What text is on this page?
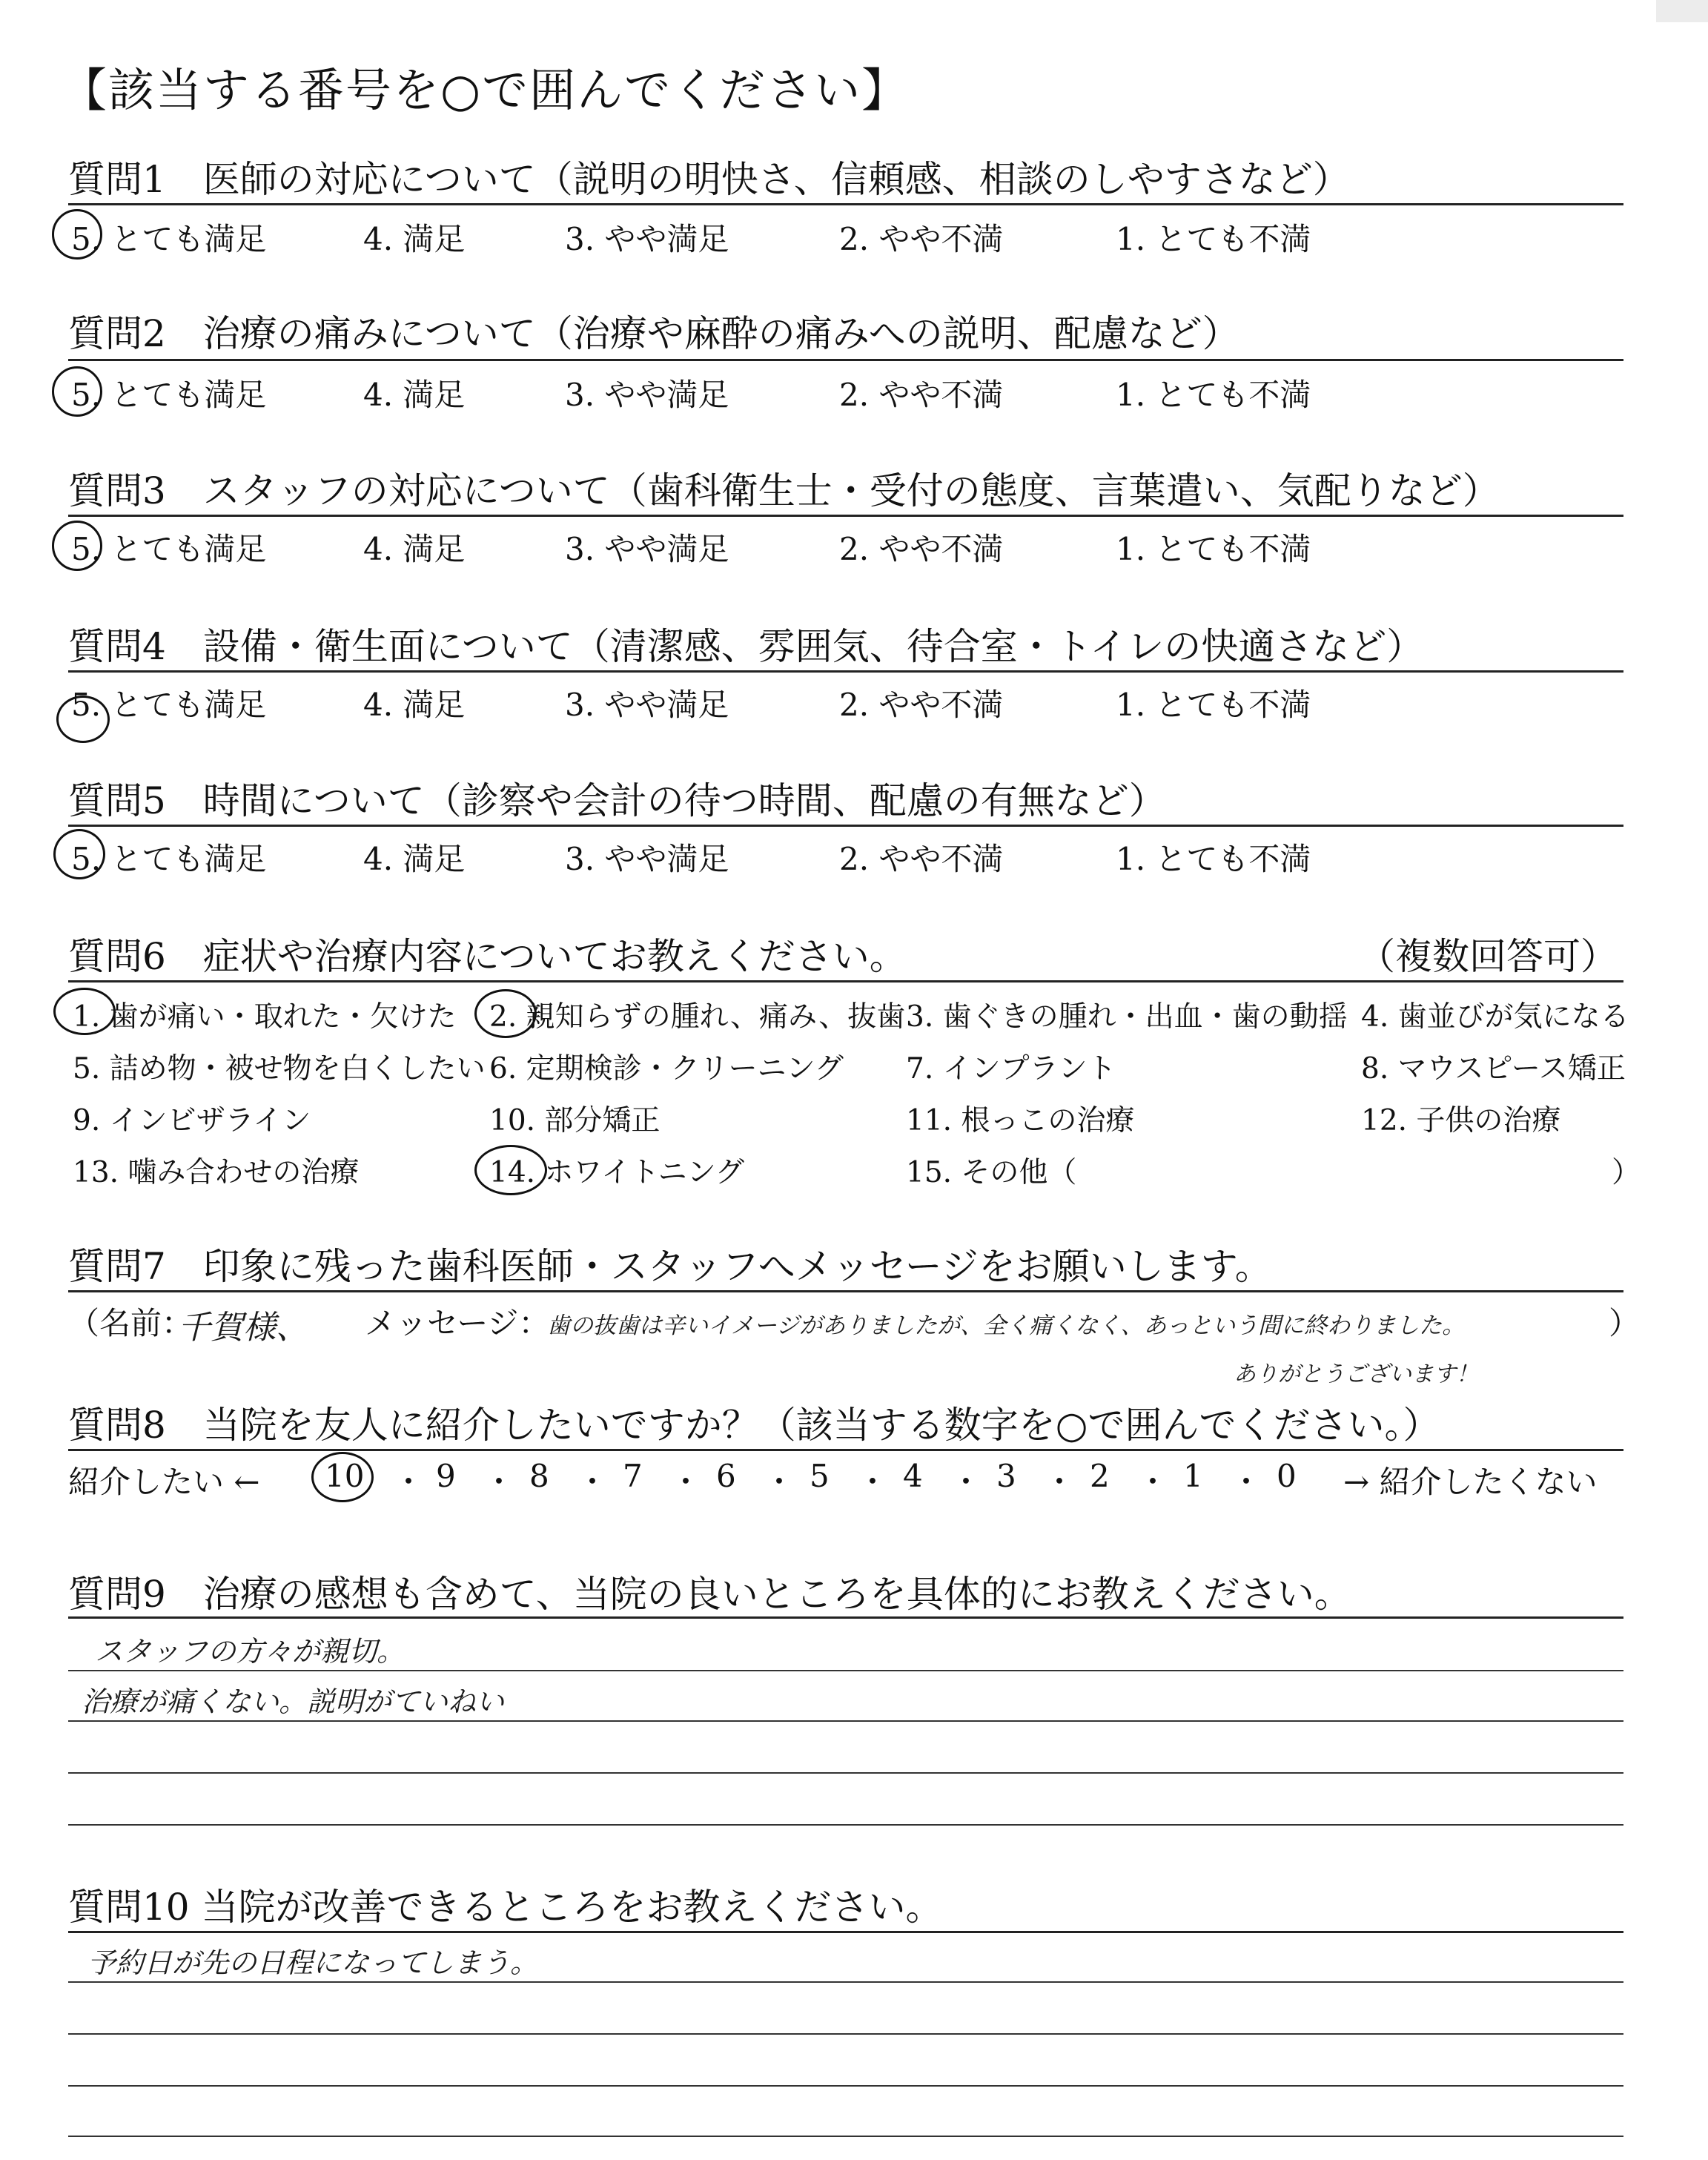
【該当する番号を○で囲んでください】
質問1　医師の対応について（説明の明快さ、信頼感、相談のしやすさなど）
5. とても満足	4. 満足	3. やや満足	2. やや不満	1. とても不満
質問2　治療の痛みについて（治療や麻酔の痛みへの説明、配慮など）
5. とても満足	4. 満足	3. やや満足	2. やや不満	1. とても不満
質問3　スタッフの対応について（歯科衛生士・受付の態度、言葉遣い、気配りなど）
5. とても満足	4. 満足	3. やや満足	2. やや不満	1. とても不満
質問4　設備・衛生面について（清潔感、雰囲気、待合室・トイレの快適さなど）
5. とても満足	4. 満足	3. やや満足	2. やや不満	1. とても不満
質問5　時間について（診察や会計の待つ時間、配慮の有無など）
5. とても満足	4. 満足	3. やや満足	2. やや不満	1. とても不満
質問6　症状や治療内容についてお教えください。	（複数回答可）
1. 歯が痛い・取れた・欠けた 2. 親知らずの腫れ、痛み、抜歯 3. 歯ぐきの腫れ・出血・歯の動揺 4. 歯並びが気になる
5. 詰め物・被せ物を白くしたい 6. 定期検診・クリーニング 7. インプラント	8. マウスピース矯正
9. インビザライン	10. 部分矯正	11. 根っこの治療	12. 子供の治療
13. 噛み合わせの治療	14. ホワイトニング	15. その他（	）
質問7　印象に残った歯科医師・スタッフへメッセージをお願いします。
（名前：
千賀様、 メッセージ：
歯の抜歯は辛いイメージがありましたが、全く痛くなく、あっという間に終わりました。
ありがとうございます！
）
質問8　当院を友人に紹介したいですか？（該当する数字を○で囲んでください。）
紹介したい ← 10 ・ 9 ・ 8 ・ 7 ・ 6 ・ 5 ・ 4 ・ 3 ・ 2 ・ 1 ・ 0 → 紹介したくない
質問9　治療の感想も含めて、当院の良いところを具体的にお教えください。
スタッフの方々が親切。
治療が痛くない。説明がていねい
質問10 当院が改善できるところをお教えください。
予約日が先の日程になってしまう。
